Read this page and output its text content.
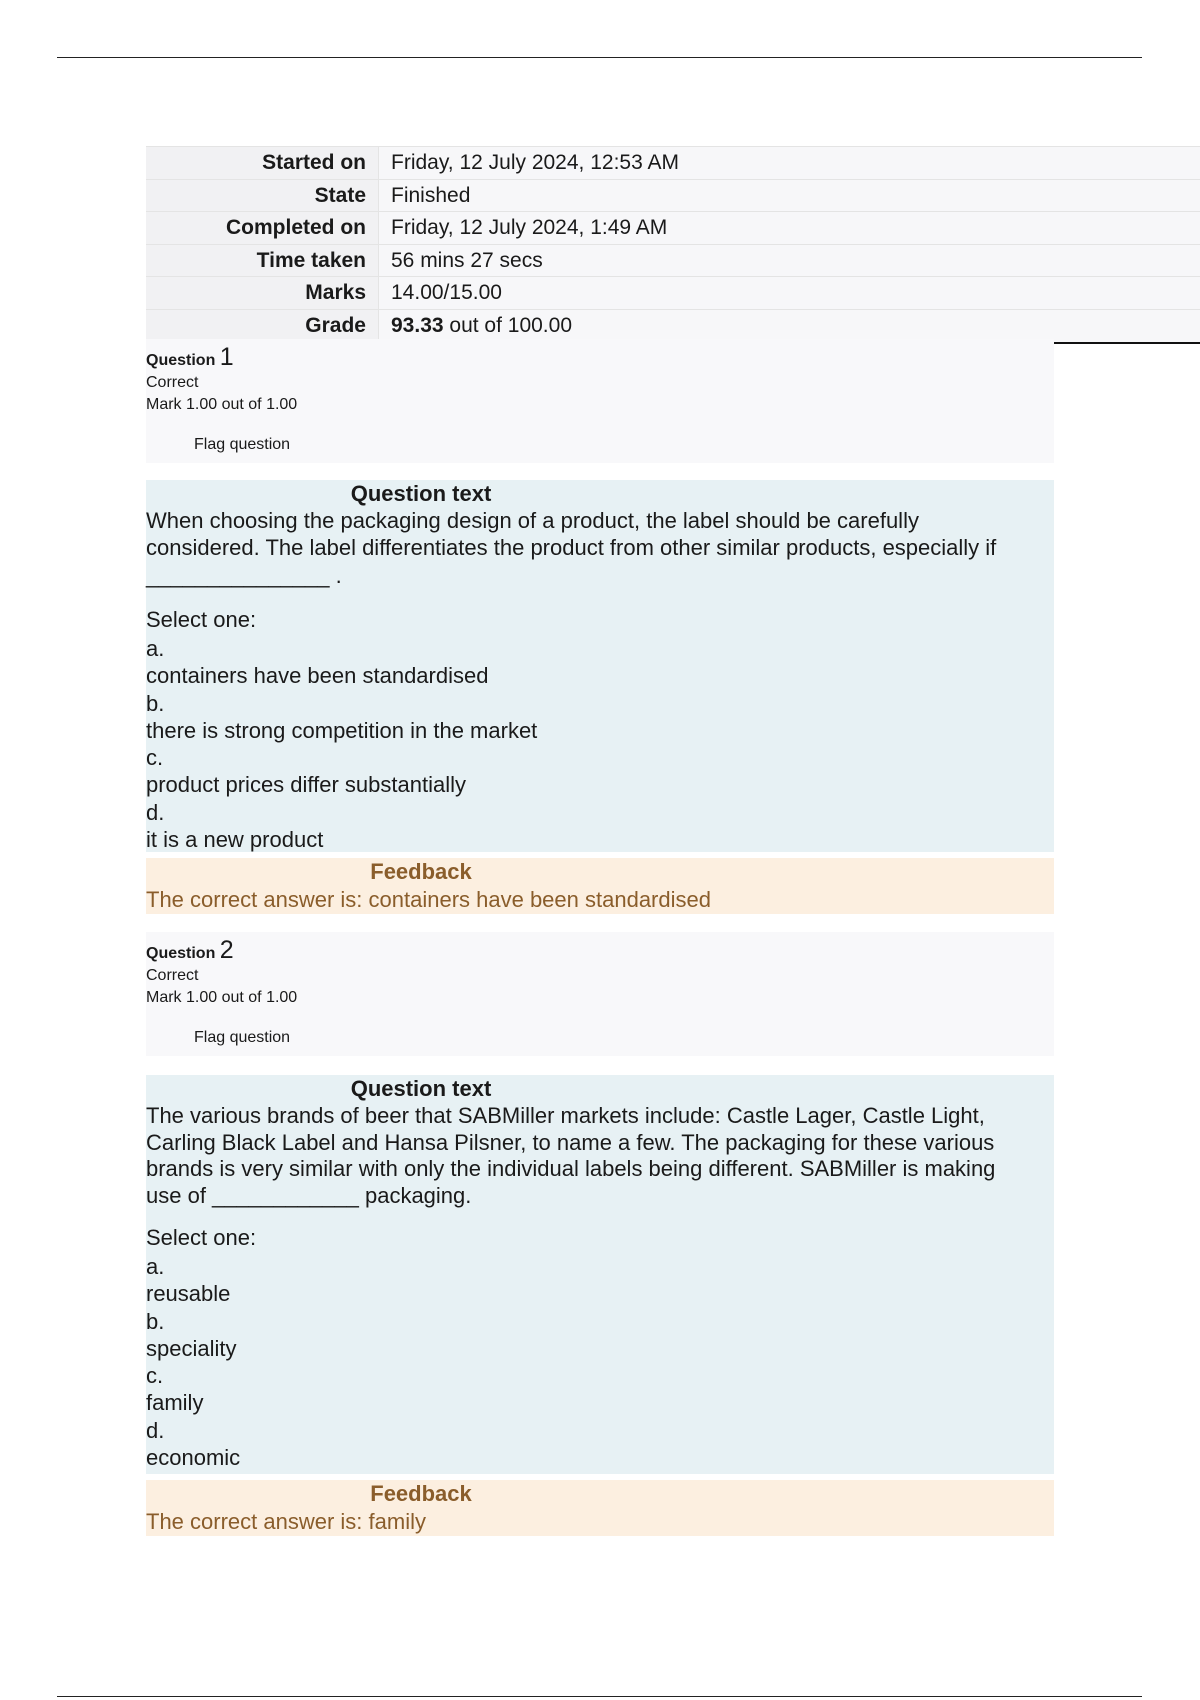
Started on	Friday, 12 July 2024, 12:53 AM
State	Finished
Completed on	Friday, 12 July 2024, 1:49 AM
Time taken	56 mins 27 secs
Marks	14.00/15.00
Grade	93.33 out of 100.00
Question 1
Correct
Mark 1.00 out of 1.00
Flag question
Question text

When choosing the packaging design of a product, the label should be carefully

considered. The label differentiates the product from other similar products, especially if

_______________ .

Select one:
a.
containers have been standardised
b.
there is strong competition in the market
c.
product prices differ substantially
d.
it is a new product
Feedback
The correct answer is: containers have been standardised
Question 2
Correct
Mark 1.00 out of 1.00
Flag question
Question text

The various brands of beer that SABMiller markets include: Castle Lager, Castle Light,

Carling Black Label and Hansa Pilsner, to name a few. The packaging for these various

brands is very similar with only the individual labels being different. SABMiller is making

use of ____________ packaging.

Select one:
a.
reusable
b.
speciality
c.
family
d.
economic
Feedback
The correct answer is: family
